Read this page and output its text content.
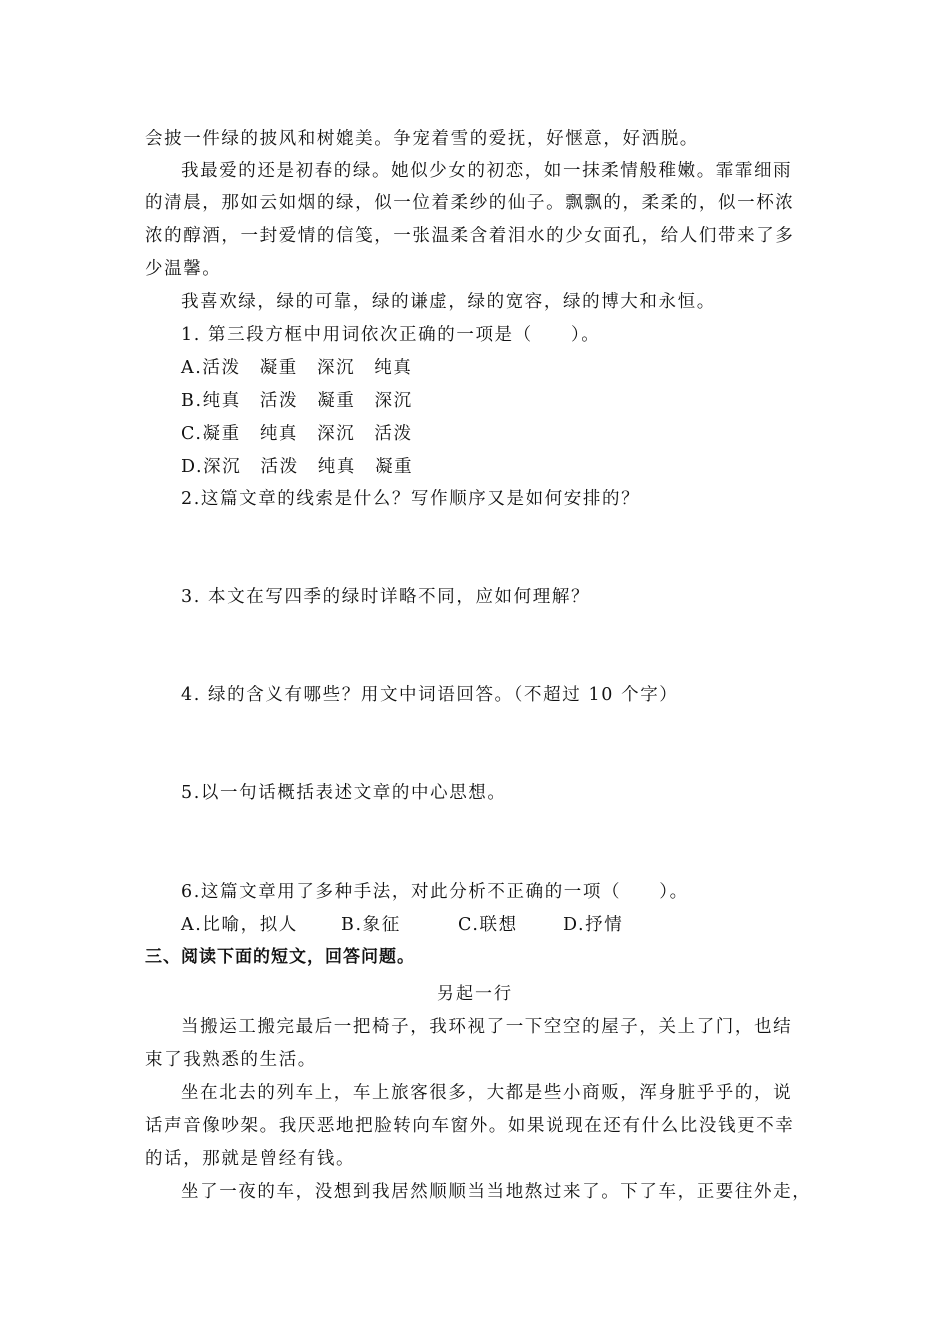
会披一件绿的披风和树媲美。争宠着雪的爱抚，好惬意，好洒脱。
我最爱的还是初春的绿。她似少女的初恋，如一抹柔情般稚嫩。霏霏细雨
的清晨，那如云如烟的绿，似一位着柔纱的仙子。飘飘的，柔柔的，似一杯浓
浓的醇酒，一封爱情的信笺，一张温柔含着泪水的少女面孔，给人们带来了多
少温馨。
我喜欢绿，绿的可靠，绿的谦虚，绿的宽容，绿的博大和永恒。
1. 第三段方框中用词依次正确的一项是（　　）。
A.活泼　凝重　深沉　纯真
B.纯真　活泼　凝重　深沉
C.凝重　纯真　深沉　活泼
D.深沉　活泼　纯真　凝重
2.这篇文章的线索是什么？写作顺序又是如何安排的？
3. 本文在写四季的绿时详略不同，应如何理解？
4. 绿的含义有哪些？用文中词语回答。（不超过 10 个字）
5.以一句话概括表述文章的中心思想。
6.这篇文章用了多种手法，对此分析不正确的一项（　　）。
A.比喻，拟人 B.象征	C.联想	D.抒情
三、阅读下面的短文，回答问题。
另起一行
当搬运工搬完最后一把椅子，我环视了一下空空的屋子，关上了门，也结
束了我熟悉的生活。
坐在北去的列车上，车上旅客很多，大都是些小商贩，浑身脏乎乎的，说
话声音像吵架。我厌恶地把脸转向车窗外。如果说现在还有什么比没钱更不幸
的话，那就是曾经有钱。
坐了一夜的车，没想到我居然顺顺当当地熬过来了。下了车，正要往外走，
